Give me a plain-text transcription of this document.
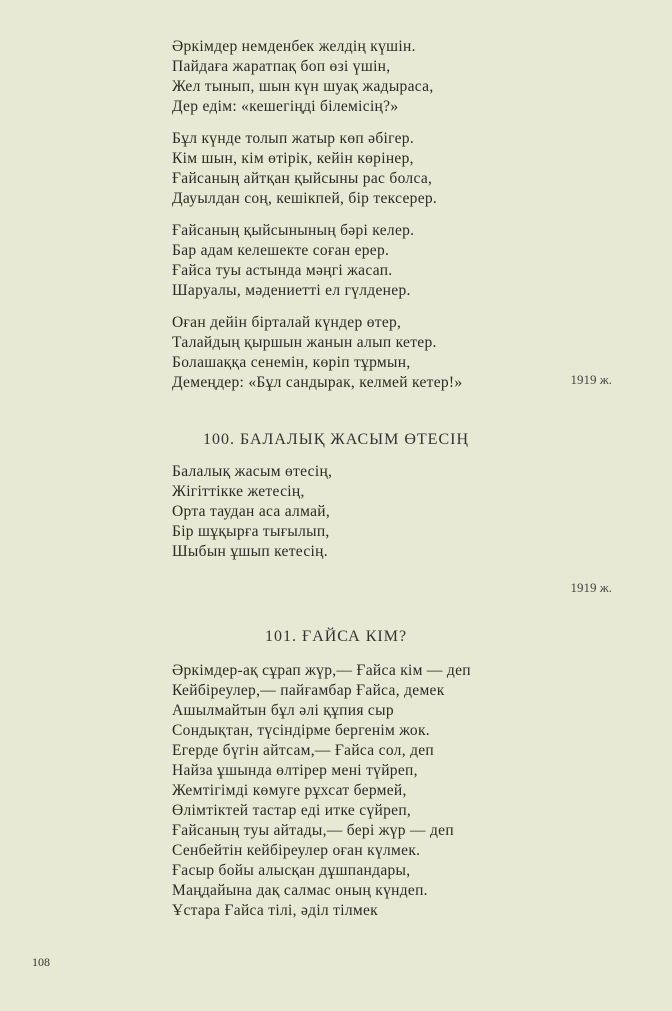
Әркімдер немденбек желдің күшін.
Пайдаға жаратпақ боп өзі үшін,
Жел тынып, шын күн шуақ жадыраса,
Дер едім: «кешегіңді білемісің?»
Бұл күнде толып жатыр көп әбігер.
Кім шын, кім өтірік, кейін көрінер,
Ғайсаның айтқан қыйсыны рас болса,
Дауылдан соң, кешікпей, бір тексерер.
Ғайсаның қыйсынының бәрі келер.
Бар адам келешекте соған ерер.
Ғайса туы астында мәңгі жасап.
Шаруалы, мәдениетті ел гүлденер.
Оған дейін бірталай күндер өтер,
Талайдың қыршын жанын алып кетер.
Болашаққа сенемін, көріп тұрмын,
Демеңдер: «Бұл сандырак, келмей кетер!»	1919 ж.
100. БАЛАЛЫҚ ЖАСЫМ ӨТЕСІҢ
Балалық жасым өтесің,
Жігіттікке жетесің,
Орта таудан аса алмай,
Бір шұқырға тығылып,
Шыбын ұшып кетесің.
1919 ж.
101. ҒАЙСА КІМ?
Әркімдер-ақ сұрап жүр,— Ғайса кім — деп
Кейбіреулер,— пайғамбар Ғайса, демек
Ашылмайтын бұл әлі құпия сыр
Сондықтан, түсіндірме бергенім жок.
Егерде бүгін айтсам,— Ғайса сол, деп
Найза ұшында өлтірер мені түйреп,
Жемтігімді көмуге рұхсат бермей,
Өлімтіктей тастар еді итке сүйреп,
Ғайсаның туы айтады,— бері жүр — деп
Сенбейтін кейбіреулер оған күлмек.
Ғасыр бойы алысқан дұшпандары,
Маңдайына дақ салмас оның күндеп.
Ұстара Ғайса тілі, әділ тілмек
108
